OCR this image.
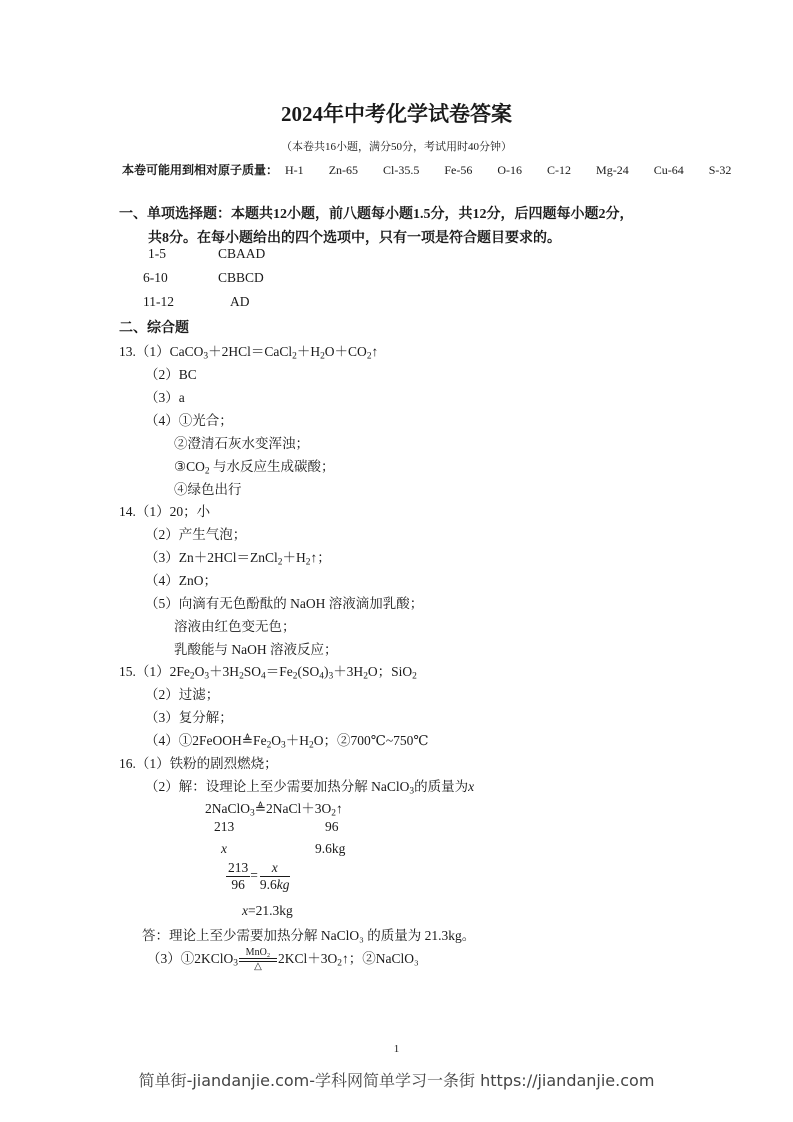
2024年中考化学试卷答案
（本卷共16小题，满分50分，考试用时40分钟）
本卷可能用到相对原子质量： H-1 Zn-65 Cl-35.5 Fe-56 O-16 C-12 Mg-24 Cu-64 S-32
一、单项选择题：本题共12小题，前八题每小题1.5分，共12分，后四题每小题2分，
共8分。在每小题给出的四个选项中，只有一项是符合题目要求的。
1-5	CBAAD
6-10	CBBCD
11-12	AD
二、综合题
$13.(1)CaCO_3+2HCl=CaCl_2+H_2O+CO_2↑$
（2）BC
（3）a
（4）①光合；
②澄清石灰水变浑浊；
$③CO_2$ 与水反应生成碳酸；
④绿色出行
14.（1）20；小
（2）产生气泡；
$(3)Zn+2HCl=ZnCl_2+H_2↑$；
（4）ZnO；
（5）向滴有无色酚酞的 NaOH 溶液滴加乳酸；
溶液由红色变无色；
乳酸能与 NaOH 溶液反应；
$15.(1)2Fe_2O_3+3H_2SO_4=Fe_2(SO_4)_3+3H_2O$；SiO$_2$
（2）过滤；
（3）复分解；
$(4)①2FeOOH≜Fe_2O_3+H_2O$；②700℃~750℃
16.（1）铁粉的剧烈燃烧；
（2）解：设理论上至少需要加热分解 NaClO$_3$的质量为x
$2NaClO_3≜2NaCl+3O_2↑$
213	96
x	9.6kg
$\frac{213}{96} = \frac{x}{9.6kg}$
x=21.3kg
答：理论上至少需要加热分解 NaClO₃ 的质量为 21.3kg。
（3）①2KClO$_3$
MnO₂
△
$2KCl+3O_2↑$；②NaClO₃
1
简单街-jiandanjie.com-学科网简单学习一条街 https://jiandanjie.com
